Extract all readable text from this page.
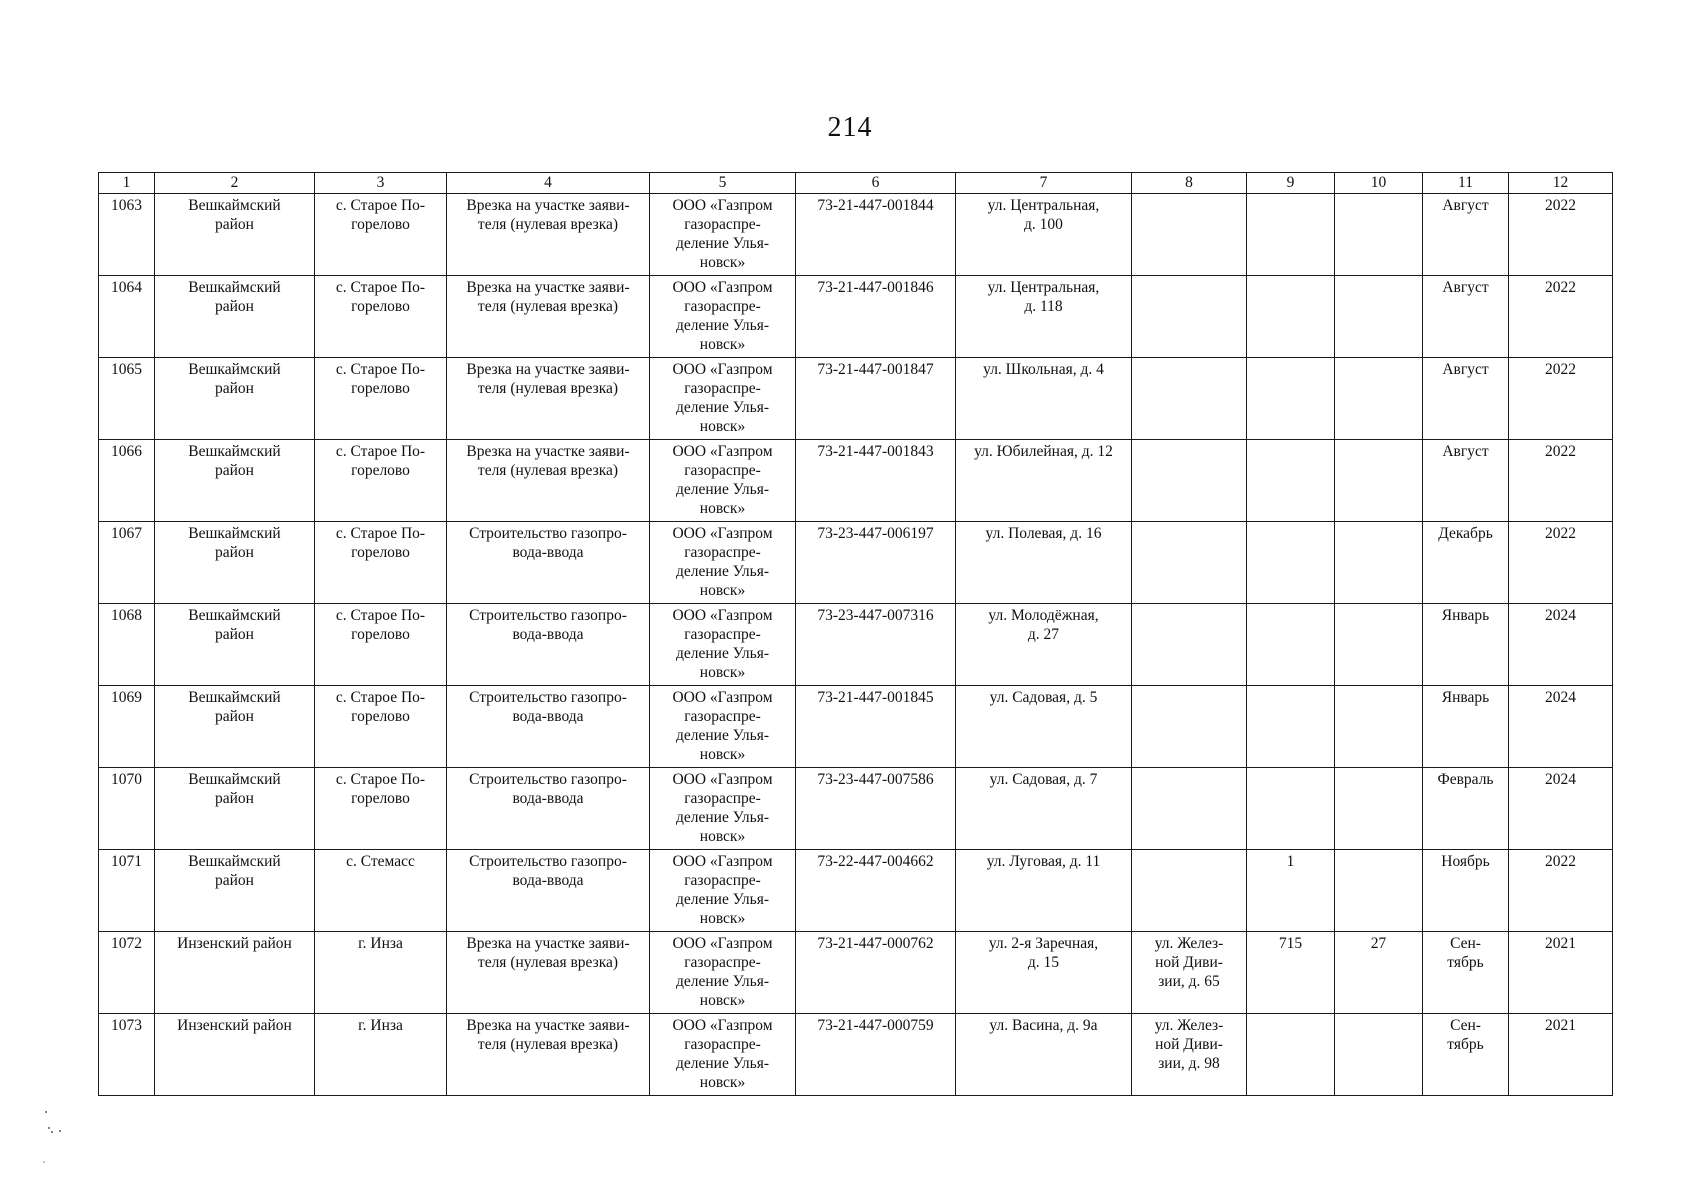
214
1	2	3	4	5	6	7	8	9	10	11	12
1063	Вешкаймский
район	с. Старое По-
горелово	Врезка на участке заяви-
теля (нулевая врезка)	ООО «Газпром
газораспре-
деление Улья-
новск»	73-21-447-001844	ул. Центральная,
д. 100				Август	2022
1064	Вешкаймский
район	с. Старое По-
горелово	Врезка на участке заяви-
теля (нулевая врезка)	ООО «Газпром
газораспре-
деление Улья-
новск»	73-21-447-001846	ул. Центральная,
д. 118				Август	2022
1065	Вешкаймский
район	с. Старое По-
горелово	Врезка на участке заяви-
теля (нулевая врезка)	ООО «Газпром
газораспре-
деление Улья-
новск»	73-21-447-001847	ул. Школьная, д. 4				Август	2022
1066	Вешкаймский
район	с. Старое По-
горелово	Врезка на участке заяви-
теля (нулевая врезка)	ООО «Газпром
газораспре-
деление Улья-
новск»	73-21-447-001843	ул. Юбилейная, д. 12				Август	2022
1067	Вешкаймский
район	с. Старое По-
горелово	Строительство газопро-
вода-ввода	ООО «Газпром
газораспре-
деление Улья-
новск»	73-23-447-006197	ул. Полевая, д. 16				Декабрь	2022
1068	Вешкаймский
район	с. Старое По-
горелово	Строительство газопро-
вода-ввода	ООО «Газпром
газораспре-
деление Улья-
новск»	73-23-447-007316	ул. Молодёжная,
д. 27				Январь	2024
1069	Вешкаймский
район	с. Старое По-
горелово	Строительство газопро-
вода-ввода	ООО «Газпром
газораспре-
деление Улья-
новск»	73-21-447-001845	ул. Садовая, д. 5				Январь	2024
1070	Вешкаймский
район	с. Старое По-
горелово	Строительство газопро-
вода-ввода	ООО «Газпром
газораспре-
деление Улья-
новск»	73-23-447-007586	ул. Садовая, д. 7				Февраль	2024
1071	Вешкаймский
район	с. Стемасс	Строительство газопро-
вода-ввода	ООО «Газпром
газораспре-
деление Улья-
новск»	73-22-447-004662	ул. Луговая, д. 11		1		Ноябрь	2022
1072	Инзенский район	г. Инза	Врезка на участке заяви-
теля (нулевая врезка)	ООО «Газпром
газораспре-
деление Улья-
новск»	73-21-447-000762	ул. 2-я Заречная,
д. 15	ул. Желез-
ной Диви-
зии, д. 65	715	27	Сен-
тябрь	2021
1073	Инзенский район	г. Инза	Врезка на участке заяви-
теля (нулевая врезка)	ООО «Газпром
газораспре-
деление Улья-
новск»	73-21-447-000759	ул. Васина, д. 9а	ул. Желез-
ной Диви-
зии, д. 98			Сен-
тябрь	2021
